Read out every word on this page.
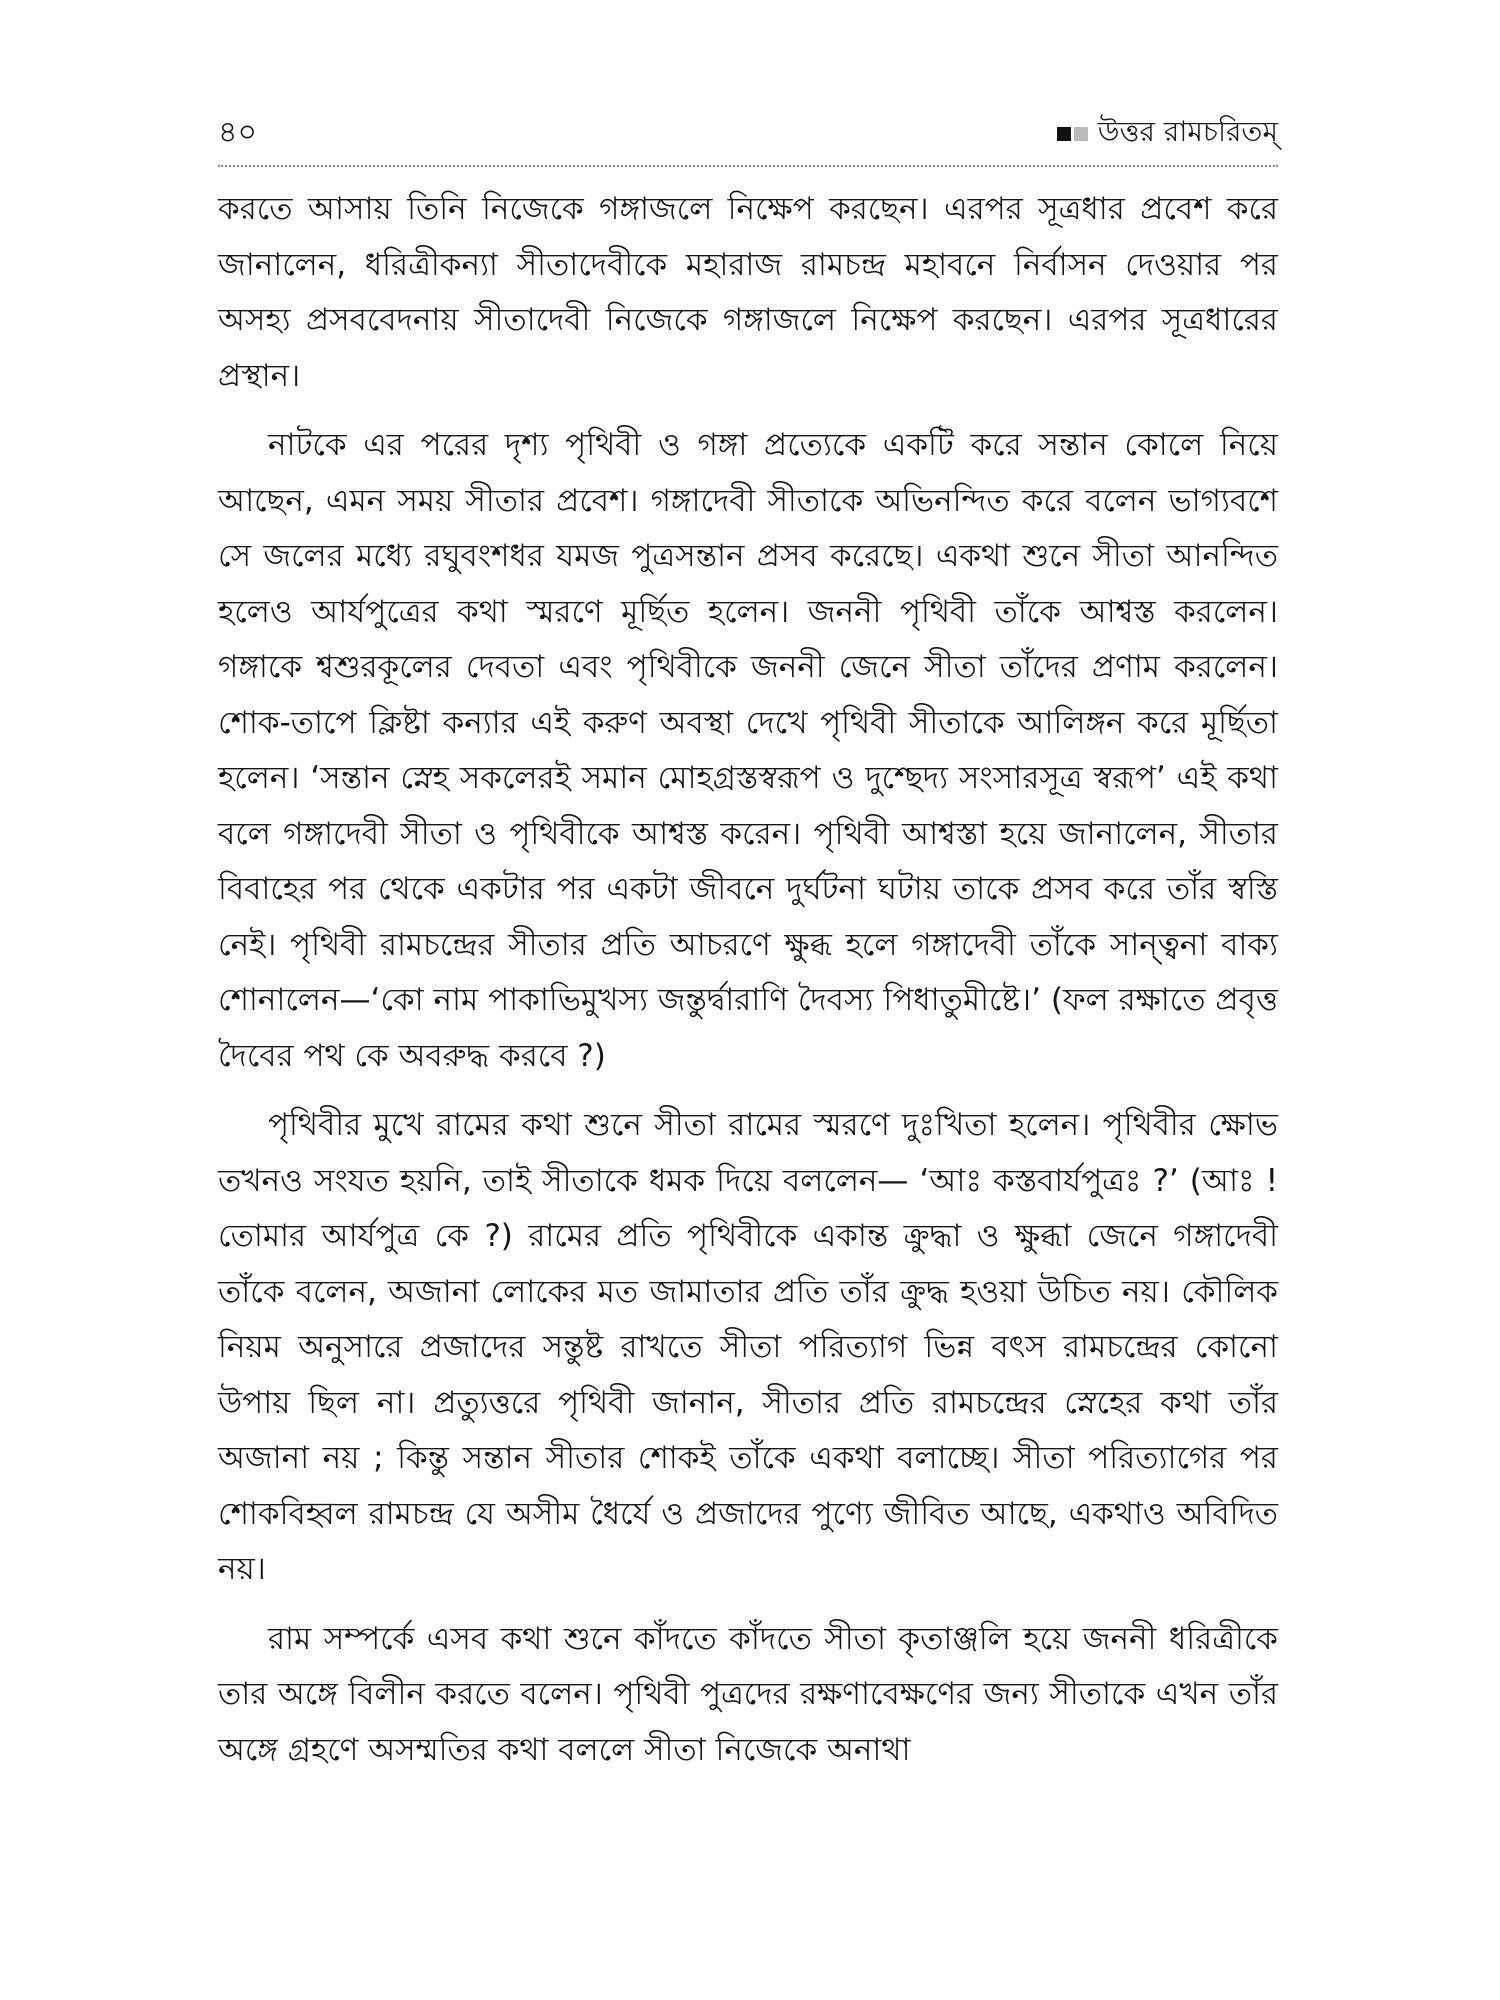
৪০	উত্তর রামচরিতম্

করতে আসায় তিনি নিজেকে গঙ্গাজলে নিক্ষেপ করছেন। এরপর সূত্রধার প্রবেশ করে জানালেন, ধরিত্রীকন্যা সীতাদেবীকে মহারাজ রামচন্দ্র মহাবনে নির্বাসন দেওয়ার পর অসহ্য প্রসববেদনায় সীতাদেবী নিজেকে গঙ্গাজলে নিক্ষেপ করছেন। এরপর সূত্রধারের প্রস্থান।

নাটকে এর পরের দৃশ্য পৃথিবী ও গঙ্গা প্রত্যেকে একটি করে সন্তান কোলে নিয়ে আছেন, এমন সময় সীতার প্রবেশ। গঙ্গাদেবী সীতাকে অভিনন্দিত করে বলেন ভাগ্যবশে সে জলের মধ্যে রঘুবংশধর যমজ পুত্রসন্তান প্রসব করেছে। একথা শুনে সীতা আনন্দিত হলেও আর্যপুত্রের কথা স্মরণে মূর্ছিত হলেন। জননী পৃথিবী তাঁকে আশ্বস্ত করলেন। গঙ্গাকে শ্বশুরকূলের দেবতা এবং পৃথিবীকে জননী জেনে সীতা তাঁদের প্রণাম করলেন। শোক-তাপে ক্লিষ্টা কন্যার এই করুণ অবস্থা দেখে পৃথিবী সীতাকে আলিঙ্গন করে মূর্ছিতা হলেন। ‘সন্তান স্নেহ সকলেরই সমান মোহগ্রস্তস্বরূপ ও দুশ্ছেদ্য সংসারসূত্র স্বরূপ’ এই কথা বলে গঙ্গাদেবী সীতা ও পৃথিবীকে আশ্বস্ত করেন। পৃথিবী আশ্বস্তা হয়ে জানালেন, সীতার বিবাহের পর থেকে একটার পর একটা জীবনে দুর্ঘটনা ঘটায় তাকে প্রসব করে তাঁর স্বস্তি নেই। পৃথিবী রামচন্দ্রের সীতার প্রতি আচরণে ক্ষুব্ধ হলে গঙ্গাদেবী তাঁকে সান্ত্বনা বাক্য শোনালেন—‘কো নাম পাকাভিমুখস্য জন্তুর্দ্বারাণি দৈবস্য পিধাতুমীষ্টে।’ (ফল রক্ষাতে প্রবৃত্ত দৈবের পথ কে অবরুদ্ধ করবে ?)

পৃথিবীর মুখে রামের কথা শুনে সীতা রামের স্মরণে দুঃখিতা হলেন। পৃথিবীর ক্ষোভ তখনও সংযত হয়নি, তাই সীতাকে ধমক দিয়ে বললেন— ‘আঃ কস্তবার্যপুত্রঃ ?’ (আঃ ! তোমার আর্যপুত্র কে ?) রামের প্রতি পৃথিবীকে একান্ত ক্রুদ্ধা ও ক্ষুব্ধা জেনে গঙ্গাদেবী তাঁকে বলেন, অজানা লোকের মত জামাতার প্রতি তাঁর ক্রুদ্ধ হওয়া উচিত নয়। কৌলিক নিয়ম অনুসারে প্রজাদের সন্তুষ্ট রাখতে সীতা পরিত্যাগ ভিন্ন বৎস রামচন্দ্রের কোনো উপায় ছিল না। প্রত্যুত্তরে পৃথিবী জানান, সীতার প্রতি রামচন্দ্রের স্নেহের কথা তাঁর অজানা নয় ; কিন্তু সন্তান সীতার শোকই তাঁকে একথা বলাচ্ছে। সীতা পরিত্যাগের পর শোকবিহ্বল রামচন্দ্র যে অসীম ধৈর্যে ও প্রজাদের পুণ্যে জীবিত আছে, একথাও অবিদিত নয়।

রাম সম্পর্কে এসব কথা শুনে কাঁদতে কাঁদতে সীতা কৃতাঞ্জলি হয়ে জননী ধরিত্রীকে তার অঙ্গে বিলীন করতে বলেন। পৃথিবী পুত্রদের রক্ষণাবেক্ষণের জন্য সীতাকে এখন তাঁর অঙ্গে গ্রহণে অসম্মতির কথা বললে সীতা নিজেকে অনাথা
